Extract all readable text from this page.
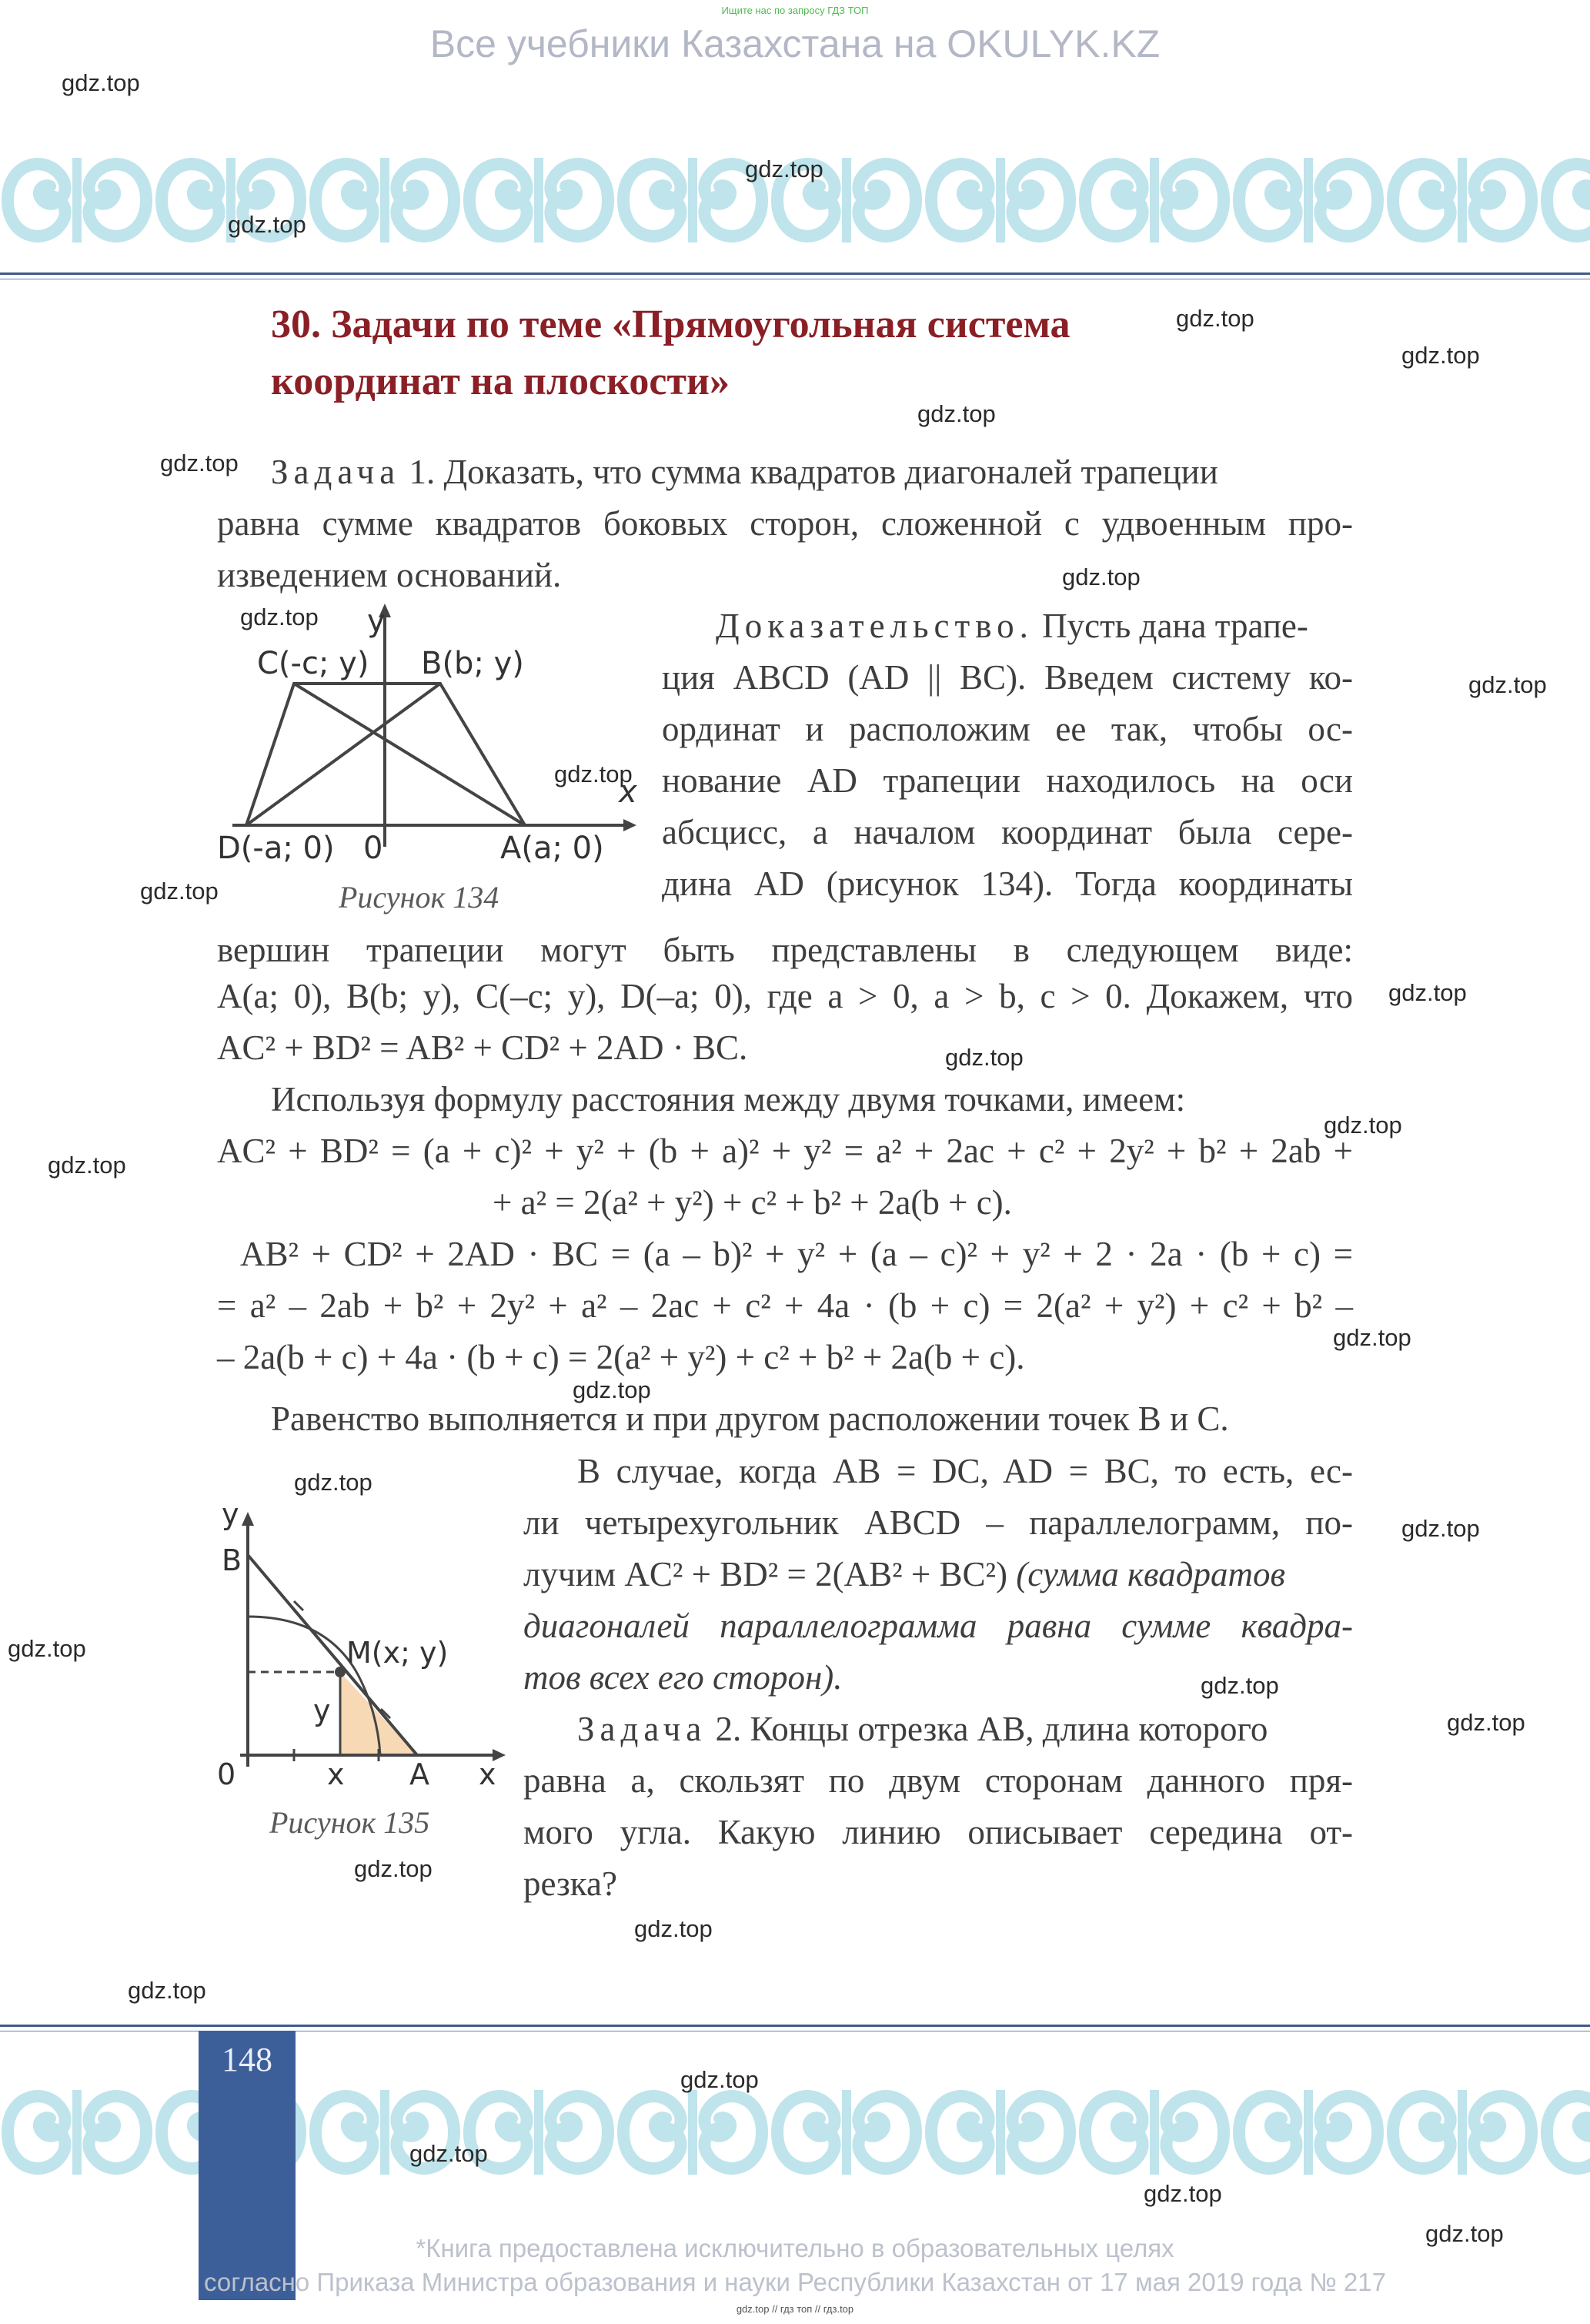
Ищите нас по запросу ГДЗ ТОП
Все учебники Казахстана на OKULYK.KZ
30. Задачи по теме «Прямоугольная система
координат на плоскости»
Задача 1. Доказать, что сумма квадратов диагоналей трапеции
равна сумме квадратов боковых сторон, сложенной с удвоенным про-
изведением оснований.
y
x
C(-c; y) B(b; y)
D(-a; 0) 0	A(a; 0)
Рисунок 134
Доказательство. Пусть дана трапе-
ция ABCD (AD || BC). Введем систему ко-
ординат и расположим ее так, чтобы ос-
нование AD трапеции находилось на оси
абсцисс, а началом координат была сере-
дина AD (рисунок 134). Тогда координаты
вершин трапеции могут быть представлены в следующем виде:
A(a; 0), B(b; y), C(–c; y), D(–a; 0), где a > 0, a > b, c > 0. Докажем, что
AC² + BD² = AB² + CD² + 2AD · BC.
Используя формулу расстояния между двумя точками, имеем:
AC² + BD² = (a + c)² + y² + (b + a)² + y² = a² + 2ac + c² + 2y² + b² + 2ab +
+ a² = 2(a² + y²) + c² + b² + 2a(b + c).
AB² + CD² + 2AD · BC = (a – b)² + y² + (a – c)² + y² + 2 · 2a · (b + c) =
= a² – 2ab + b² + 2y² + a² – 2ac + c² + 4a · (b + c) = 2(a² + y²) + c² + b² –
– 2a(b + c) + 4a · (b + c) = 2(a² + y²) + c² + b² + 2a(b + c).
Равенство выполняется и при другом расположении точек B и C.
В случае, когда AB = DC, AD = BC, то есть, ес-
ли четырехугольник ABCD – параллелограмм, по-
лучим AC² + BD² = 2(AB² + BC²) (сумма квадратов
диагоналей параллелограмма равна сумме квадра-
тов всех его сторон).
y
x
B
M(x; y)
y
0	x A
Рисунок 135
Задача 2. Концы отрезка AB, длина которого
равна a, скользят по двум сторонам данного пря-
мого угла. Какую линию описывает середина от-
резка?
148
*Книга предоставлена исключительно в образовательных целях
согласно Приказа Министра образования и науки Республики Казахстан от 17 мая 2019 года № 217
gdz.top // гдз топ // гдз.top
gdz.top
gdz.top
gdz.top
gdz.top
gdz.top
gdz.top
gdz.top
gdz.top
gdz.top
gdz.top
gdz.top
gdz.top
gdz.top
gdz.top
gdz.top
gdz.top
gdz.top
gdz.top
gdz.top
gdz.top
gdz.top
gdz.top
gdz.top
gdz.top
gdz.top
gdz.top
gdz.top
gdz.top
gdz.top
gdz.top
